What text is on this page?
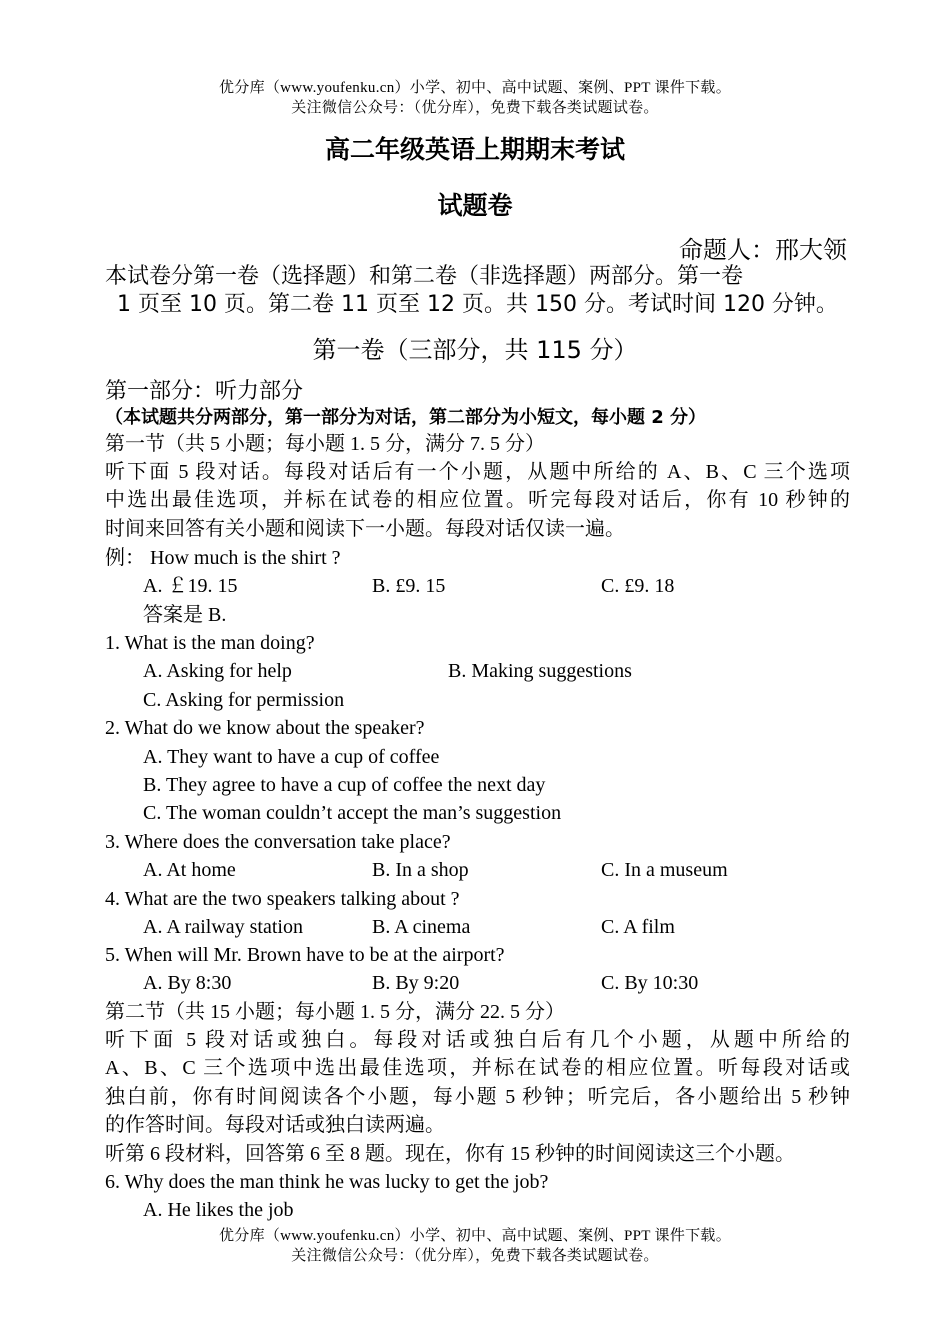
优分库（www.youfenku.cn）小学、初中、高中试题、案例、PPT 课件下载。
关注微信公众号：（优分库），免费下载各类试题试卷。
高二年级英语上期期末考试
试题卷
命题人：邢大领
本试卷分第一卷（选择题）和第二卷（非选择题）两部分。第一卷
1 页至 10 页。第二卷 11 页至 12 页。共 150 分。考试时间 120 分钟。
第一卷（三部分，共 115 分）
第一部分：听力部分
（本试题共分两部分，第一部分为对话，第二部分为小短文，每小题 2 分）
第一节（共 5 小题；每小题 1. 5 分，满分 7. 5 分）
听下面 5 段对话。每段对话后有一个小题，从题中所给的 A、B、C 三个选项
中选出最佳选项，并标在试卷的相应位置。听完每段对话后，你有 10 秒钟的
时间来回答有关小题和阅读下一小题。每段对话仅读一遍。
例： How much is the shirt ?
A. ￡19. 15	B. £9. 15	C. £9. 18
答案是 B.
1. What is the man doing?
A. Asking for help	B. Making suggestions
C. Asking for permission
2. What do we know about the speaker?
A. They want to have a cup of coffee
B. They agree to have a cup of coffee the next day
C. The woman couldn’t accept the man’s suggestion
3. Where does the conversation take place?
A. At home	B. In a shop	C. In a museum
4. What are the two speakers talking about ?
A. A railway station	B. A cinema	C. A film
5. When will Mr. Brown have to be at the airport?
A. By 8:30	B. By 9:20	C. By 10:30
第二节（共 15 小题；每小题 1. 5 分，满分 22. 5 分）
听下面 5 段对话或独白。每段对话或独白后有几个小题，从题中所给的
A、B、C 三个选项中选出最佳选项，并标在试卷的相应位置。听每段对话或
独白前，你有时间阅读各个小题，每小题 5 秒钟；听完后，各小题给出 5 秒钟
的作答时间。每段对话或独白读两遍。
听第 6 段材料，回答第 6 至 8 题。现在，你有 15 秒钟的时间阅读这三个小题。
6. Why does the man think he was lucky to get the job?
A. He likes the job
优分库（www.youfenku.cn）小学、初中、高中试题、案例、PPT 课件下载。
关注微信公众号：（优分库），免费下载各类试题试卷。
